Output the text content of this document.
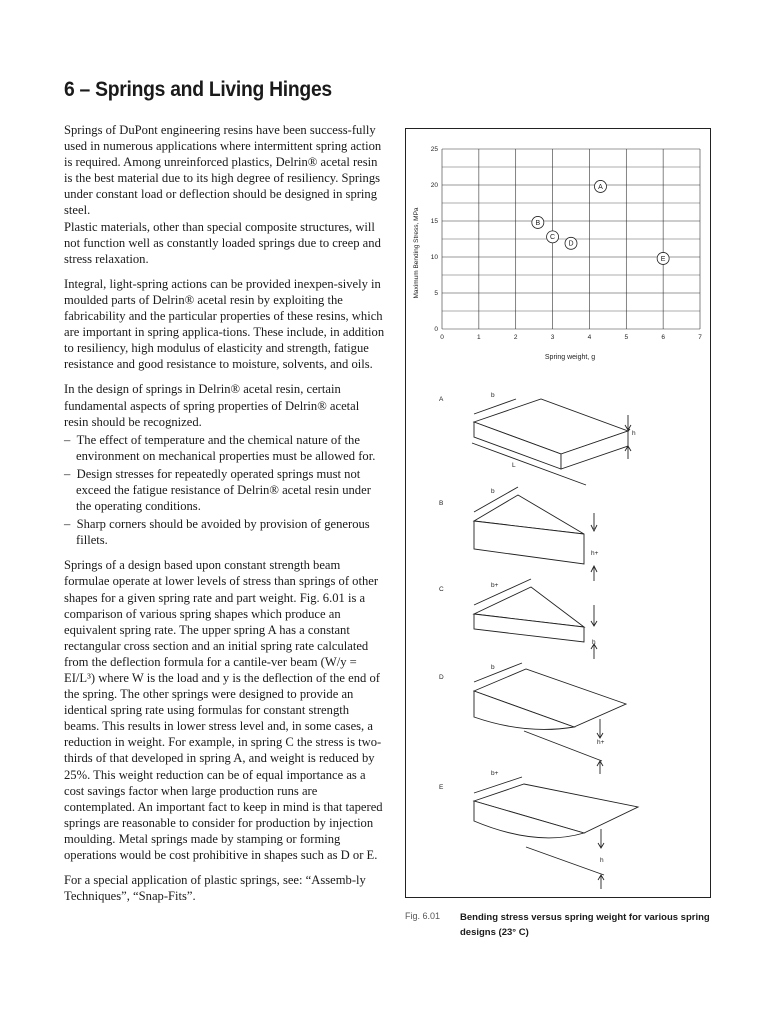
6 – Springs and Living Hinges

Springs of DuPont engineering resins have been success-fully used in numerous applications where intermittent spring action is required. Among unreinforced plastics, Delrin® acetal resin is the best material due to its high degree of resiliency. Springs under constant load or deflection should be designed in spring steel.

Plastic materials, other than special composite structures, will not function well as constantly loaded springs due to creep and stress relaxation.

Integral, light-spring actions can be provided inexpen-sively in moulded parts of Delrin® acetal resin by exploiting the fabricability and the particular properties of these resins, which are important in spring applica-tions. These include, in addition to resiliency, high modulus of elasticity and strength, fatigue resistance and good resistance to moisture, solvents, and oils.

In the design of springs in Delrin® acetal resin, certain fundamental aspects of spring properties of Delrin® acetal resin should be recognized.

–  The effect of temperature and the chemical nature of the environment on mechanical properties must be allowed for.
–  Design stresses for repeatedly operated springs must not exceed the fatigue resistance of Delrin® acetal resin under the operating conditions.
–  Sharp corners should be avoided by provision of generous fillets.

Springs of a design based upon constant strength beam formulae operate at lower levels of stress than springs of other shapes for a given spring rate and part weight. Fig. 6.01 is a comparison of various spring shapes which produce an equivalent spring rate. The upper spring A has a constant rectangular cross section and an initial spring rate calculated from the deflection formula for a cantile-ver beam (W/y = EI/L³) where W is the load and y is the deflection of the end of the spring. The other springs were designed to provide an identical spring rate using formulas for constant strength beams. This results in lower stress level and, in some cases, a reduction in weight. For example, in spring C the stress is two-thirds of that developed in spring A, and weight is reduced by 25%. This weight reduction can be of equal importance as a cost savings factor when large production runs are contemplated. An important fact to keep in mind is that tapered springs are reasonable to consider for production by injection moulding. Metal springs made by stamping or forming operations would be cost prohibitive in shapes such as D or E.

For a special application of plastic springs, see: “Assemb-ly Techniques”, “Snap-Fits”.

0	1	2	3	4	5	6	7
0
5
10
15
20
25
A
B
C
D
E
Spring weight, g
Maximum Bending Stress, MPa
A
b
h
L
B
b
h+
C
b+
h
D
b
h+
E
b+
h
Fig. 6.01 Bending stress versus spring weight for various spring designs (23° C)
